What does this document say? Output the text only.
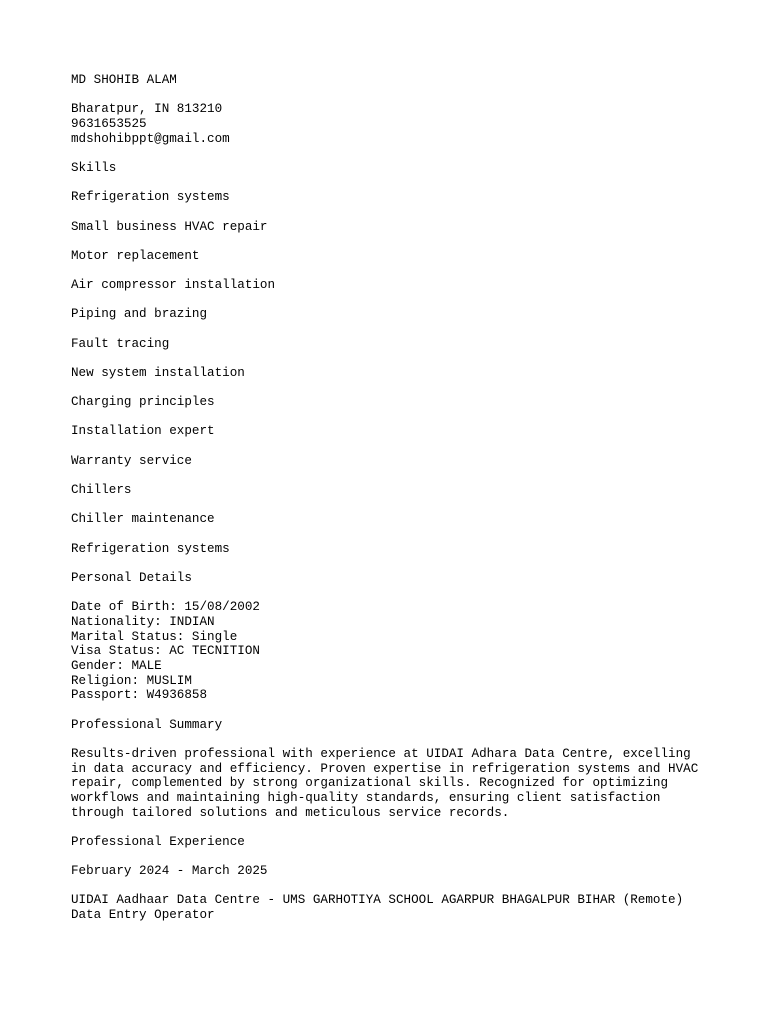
MD SHOHIB ALAM
Bharatpur, IN 813210
9631653525
mdshohibppt@gmail.com
Skills
Refrigeration systems
Small business HVAC repair
Motor replacement
Air compressor installation
Piping and brazing
Fault tracing
New system installation
Charging principles
Installation expert
Warranty service
Chillers
Chiller maintenance
Refrigeration systems
Personal Details
Date of Birth: 15/08/2002
Nationality: INDIAN
Marital Status: Single
Visa Status: AC TECNITION
Gender: MALE
Religion: MUSLIM
Passport: W4936858
Professional Summary
Results-driven professional with experience at UIDAI Adhara Data Centre, excelling
in data accuracy and efficiency. Proven expertise in refrigeration systems and HVAC
repair, complemented by strong organizational skills. Recognized for optimizing
workflows and maintaining high-quality standards, ensuring client satisfaction
through tailored solutions and meticulous service records.
Professional Experience
February 2024 - March 2025
UIDAI Aadhaar Data Centre - UMS GARHOTIYA SCHOOL AGARPUR BHAGALPUR BIHAR (Remote)
Data Entry Operator
